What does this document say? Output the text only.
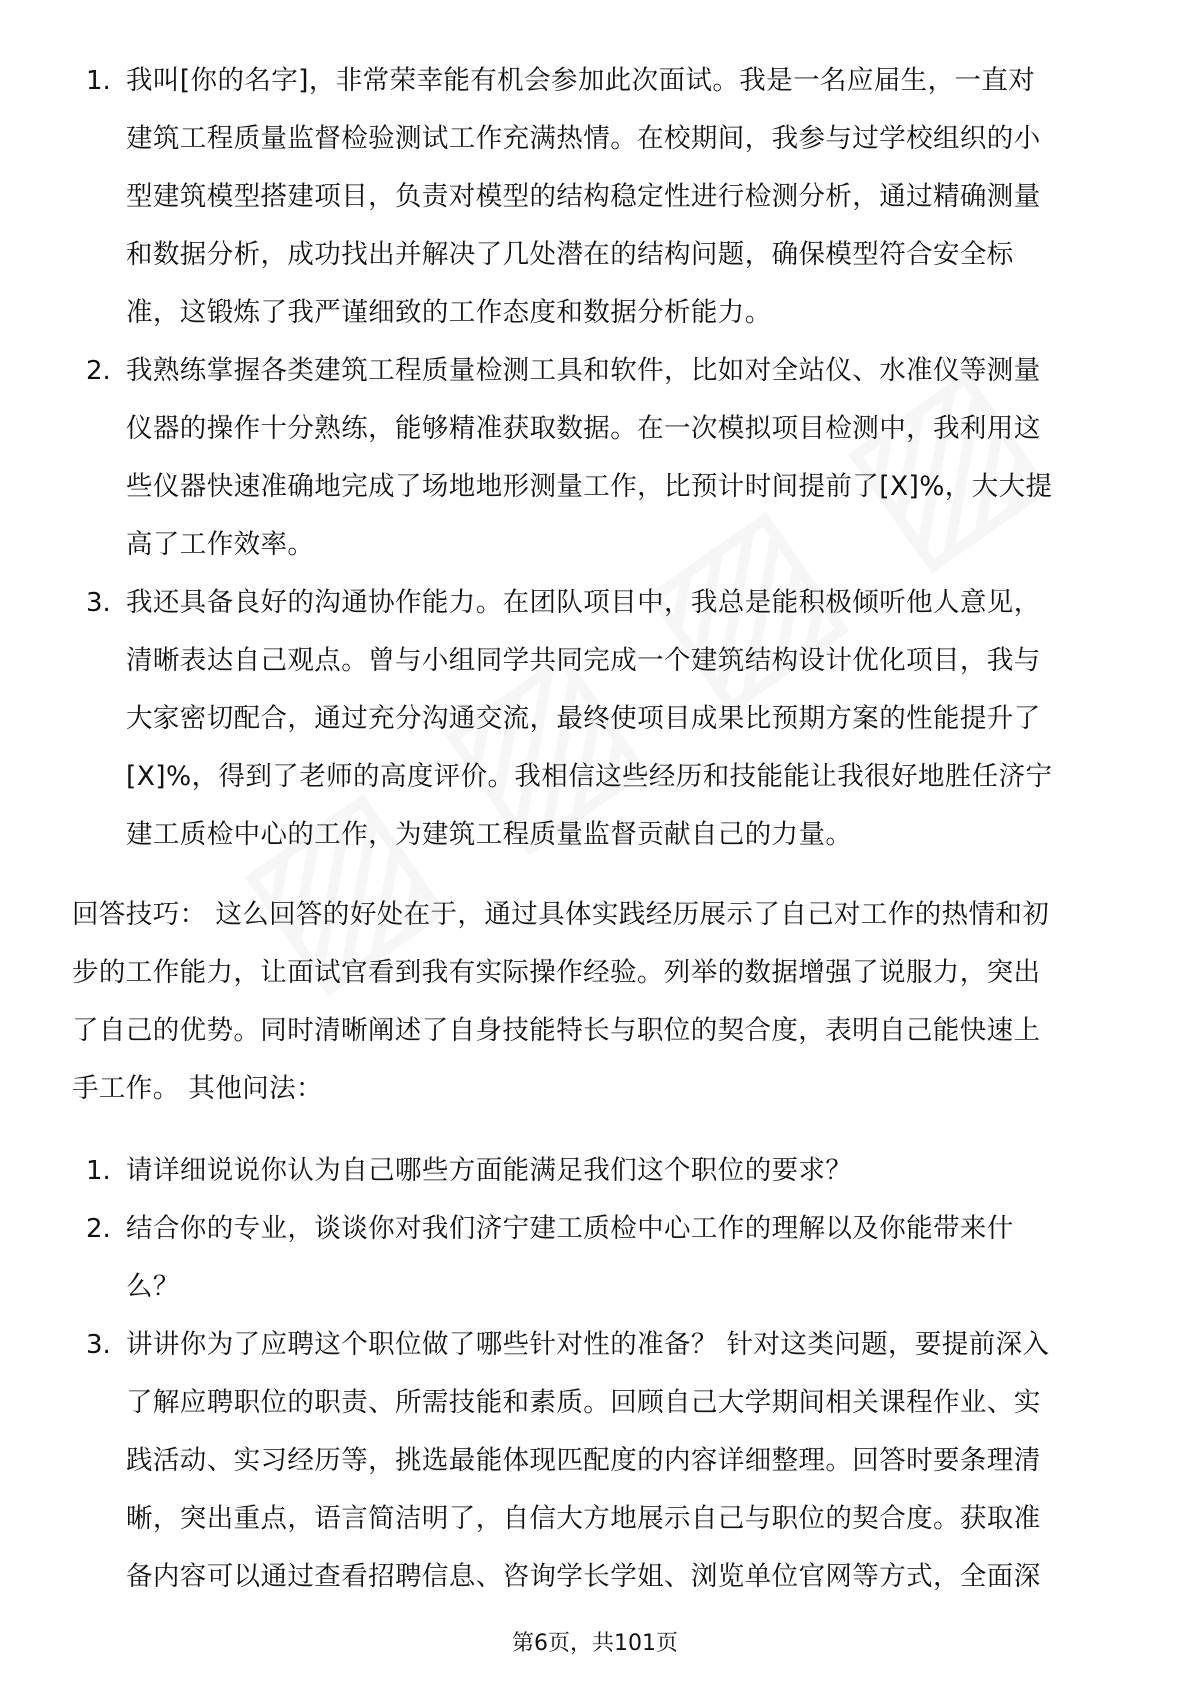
1. 我叫[你的名字]，非常荣幸能有机会参加此次面试。我是一名应届生，一直对
建筑工程质量监督检验测试工作充满热情。在校期间，我参与过学校组织的小
型建筑模型搭建项目，负责对模型的结构稳定性进行检测分析，通过精确测量
和数据分析，成功找出并解决了几处潜在的结构问题，确保模型符合安全标
准，这锻炼了我严谨细致的工作态度和数据分析能力。
2. 我熟练掌握各类建筑工程质量检测工具和软件，比如对全站仪、水准仪等测量
仪器的操作十分熟练，能够精准获取数据。在一次模拟项目检测中，我利用这
些仪器快速准确地完成了场地地形测量工作，比预计时间提前了[X]%，大大提
高了工作效率。
3. 我还具备良好的沟通协作能力。在团队项目中，我总是能积极倾听他人意见，
清晰表达自己观点。曾与小组同学共同完成一个建筑结构设计优化项目，我与
大家密切配合，通过充分沟通交流，最终使项目成果比预期方案的性能提升了
[X]%，得到了老师的高度评价。我相信这些经历和技能能让我很好地胜任济宁
建工质检中心的工作，为建筑工程质量监督贡献自己的力量。
回答技巧： 这么回答的好处在于，通过具体实践经历展示了自己对工作的热情和初
步的工作能力，让面试官看到我有实际操作经验。列举的数据增强了说服力，突出
了自己的优势。同时清晰阐述了自身技能特长与职位的契合度，表明自己能快速上
手工作。 其他问法：
1. 请详细说说你认为自己哪些方面能满足我们这个职位的要求？
2. 结合你的专业，谈谈你对我们济宁建工质检中心工作的理解以及你能带来什
么？
3. 讲讲你为了应聘这个职位做了哪些针对性的准备？ 针对这类问题，要提前深入
了解应聘职位的职责、所需技能和素质。回顾自己大学期间相关课程作业、实
践活动、实习经历等，挑选最能体现匹配度的内容详细整理。回答时要条理清
晰，突出重点，语言简洁明了，自信大方地展示自己与职位的契合度。获取准
备内容可以通过查看招聘信息、咨询学长学姐、浏览单位官网等方式，全面深
第6页，共101页
